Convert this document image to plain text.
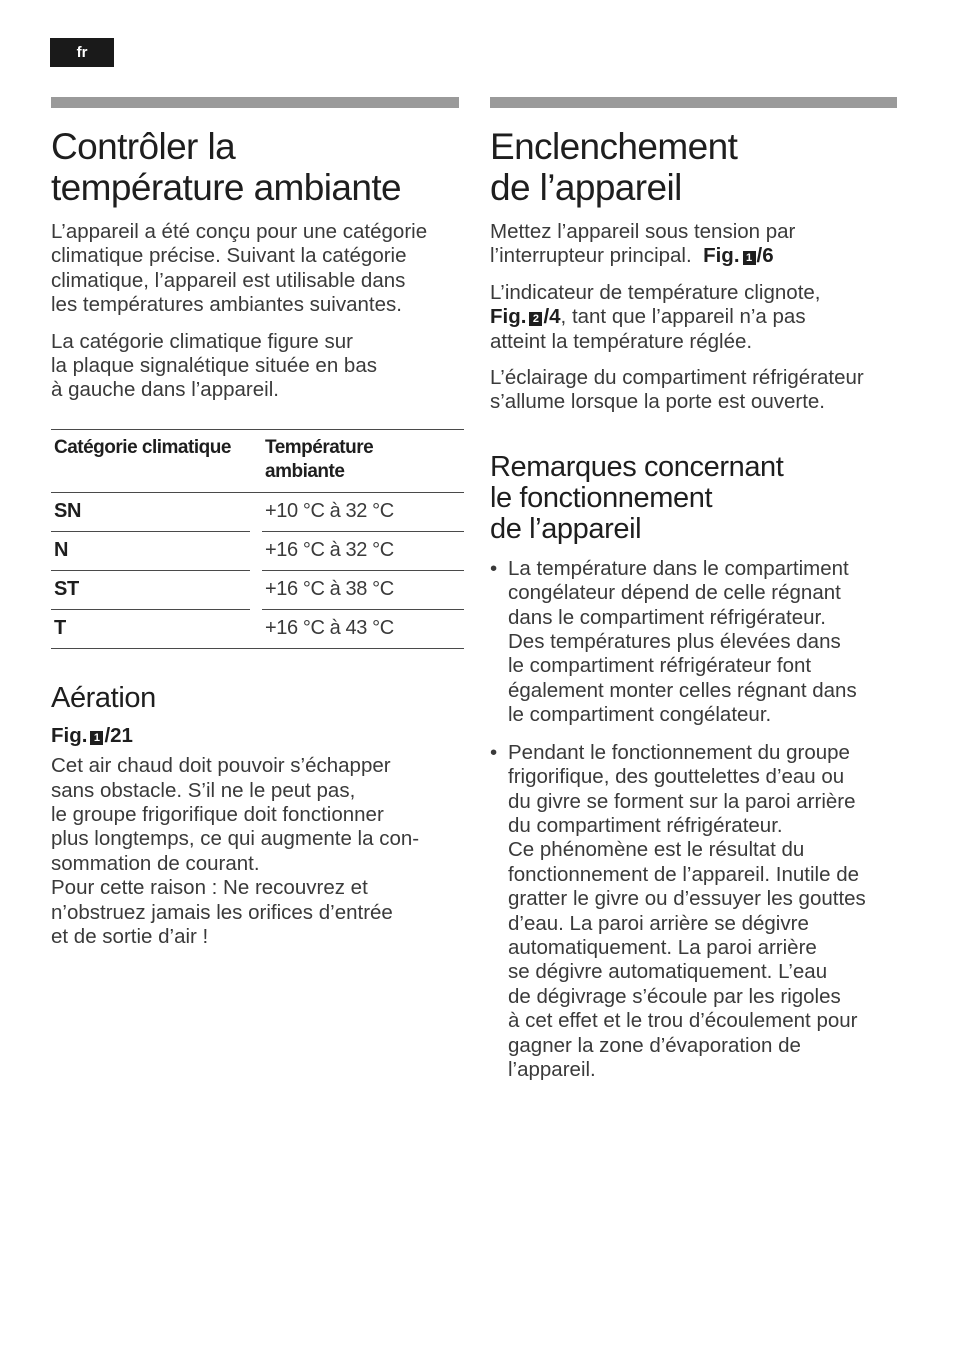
fr
Contrôler la
température ambiante

L’appareil a été conçu pour une catégorie
climatique précise. Suivant la catégorie
climatique, l’appareil est utilisable dans
les températures ambiantes suivantes.

La catégorie climatique figure sur
la plaque signalétique située en bas
à gauche dans l’appareil.

Catégorie climatique		Température
ambiante
SN		+10 °C à 32 °C
N		+16 °C à 32 °C
ST		+16 °C à 38 °C
T		+16 °C à 43 °C
Aération

Fig. 1 /21

Cet air chaud doit pouvoir s’échapper
sans obstacle. S’il ne le peut pas,
le groupe frigorifique doit fonctionner
plus longtemps, ce qui augmente la con-
sommation de courant.
Pour cette raison : Ne recouvrez et
n’obstruez jamais les orifices d’entrée
et de sortie d’air !

Enclenchement
de l’appareil

Mettez l’appareil sous tension par
l’interrupteur principal. Fig. 1 /6

L’indicateur de température clignote,
Fig. 2 /4, tant que l’appareil n’a pas
atteint la température réglée.

L’éclairage du compartiment réfrigérateur
s’allume lorsque la porte est ouverte.

Remarques concernant
le fonctionnement
de l’appareil
• La température dans le compartiment
congélateur dépend de celle régnant
dans le compartiment réfrigérateur.
Des températures plus élevées dans
le compartiment réfrigérateur font
également monter celles régnant dans
le compartiment congélateur.
• Pendant le fonctionnement du groupe
frigorifique, des gouttelettes d’eau ou
du givre se forment sur la paroi arrière
du compartiment réfrigérateur.
Ce phénomène est le résultat du
fonctionnement de l’appareil. Inutile de
gratter le givre ou d’essuyer les gouttes
d’eau. La paroi arrière se dégivre
automatiquement. La paroi arrière
se dégivre automatiquement. L’eau
de dégivrage s’écoule par les rigoles
à cet effet et le trou d’écoulement pour
gagner la zone d’évaporation de
l’appareil.
